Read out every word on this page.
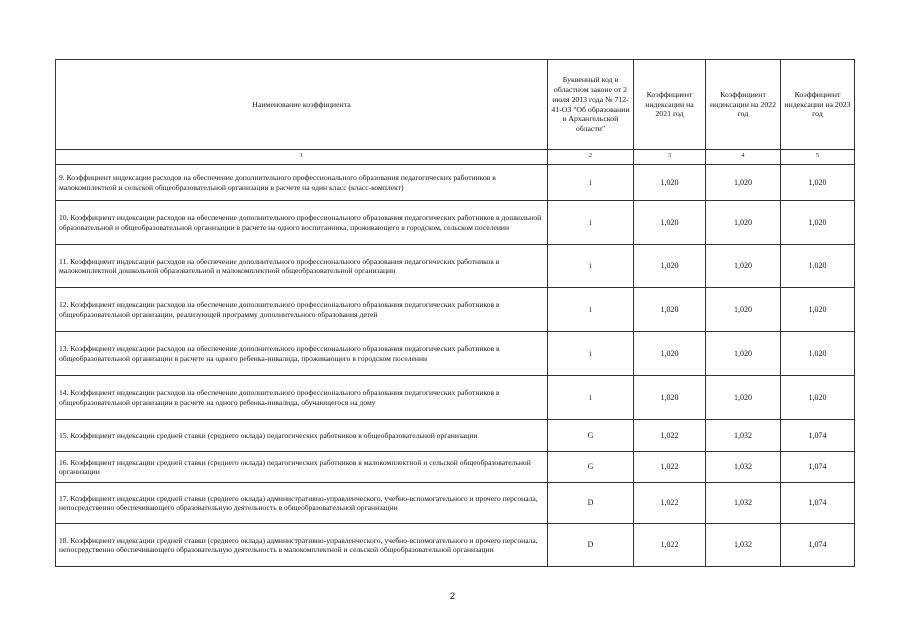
Наименование коэффициента	Буквенный код в областном законе от 2 июля 2013 года № 712-41-ОЗ "Об образовании в Архангельской области"	Коэффициент индексации на 2021 год	Коэффициент индексации на 2022 год	Коэффициент индексации на 2023 год
1	2	3	4	5
9. Коэффициент индексации расходов на обеспечение дополнительного профессионального образования педагогических работников в малокомплектной и сельской общеобразовательной организации в расчете на один класс (класс-комплект)	i	1,020	1,020	1,020
10. Коэффициент индексации расходов на обеспечение дополнительного профессионального образования педагогических работников в дошкольной образовательной и общеобразовательной организации в расчете на одного воспитанника, проживающего в городском, сельском поселении	i	1,020	1,020	1,020
11. Коэффициент индексации расходов на обеспечение дополнительного профессионального образования педагогических работников в малокомплектной дошкольной образовательной и малокомплектной общеобразовательной организации	i	1,020	1,020	1,020
12. Коэффициент индексации расходов на обеспечение дополнительного профессионального образования педагогических работников в общеобразовательной организации, реализующей программу дополнительного образования детей	i	1,020	1,020	1,020
13. Коэффициент индексации расходов на обеспечение дополнительного профессионального образования педагогических работников в общеобразовательной организации в расчете на одного ребенка-инвалида, проживающего в городском поселении	i	1,020	1,020	1,020
14. Коэффициент индексации расходов на обеспечение дополнительного профессионального образования педагогических работников в общеобразовательной организации в расчете на одного ребенка-инвалида, обучающегося на дому	i	1,020	1,020	1,020
15. Коэффициент индексации средней ставки (среднего оклада) педагогических работников в общеобразовательной организации	G	1,022	1,032	1,074
16. Коэффициент индексации средней ставки (среднего оклада) педагогических работников в малокомплектной и сельской общеобразовательной организации	G	1,022	1,032	1,074
17. Коэффициент индексации средней ставки (среднего оклада) административно-управленческого, учебно-вспомогательного и прочего персонала, непосредственно обеспечивающего образовательную деятельность в общеобразовательной организации	D	1,022	1,032	1,074
18. Коэффициент индексации средней ставки (среднего оклада) административно-управленческого, учебно-вспомогательного и прочего персонала, непосредственно обеспечивающего образовательную деятельность в малокомплектной и сельской общеобразовательной организации	D	1,022	1,032	1,074
2
